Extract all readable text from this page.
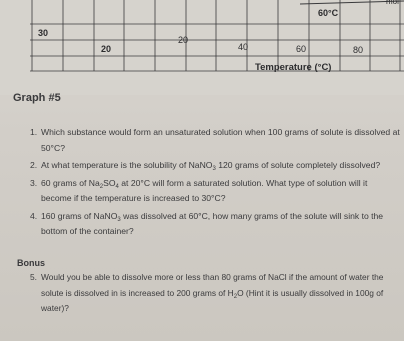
60°C
moi
30
20
20
40	60	80
Temperature (°C)
Graph #5
1. Which substance would form an unsaturated solution when 100 grams of solute is dissolved at 50°C?
2. At what temperature is the solubility of NaNO$_3$ 120 grams of solute completely dissolved?
3. 60 grams of $Na_2SO_4$ at 20°C will form a saturated solution. What type of solution will it become if the temperature is increased to 30°C?
4. 160 grams of NaNO$_3$ was dissolved at 60°C, how many grams of the solute will sink to the bottom of the container?
Bonus
5. Would you be able to dissolve more or less than 80 grams of NaCl if the amount of water the solute is dissolved in is increased to 200 grams of $H_2O$ (Hint it is usually dissolved in 100g of water)?
